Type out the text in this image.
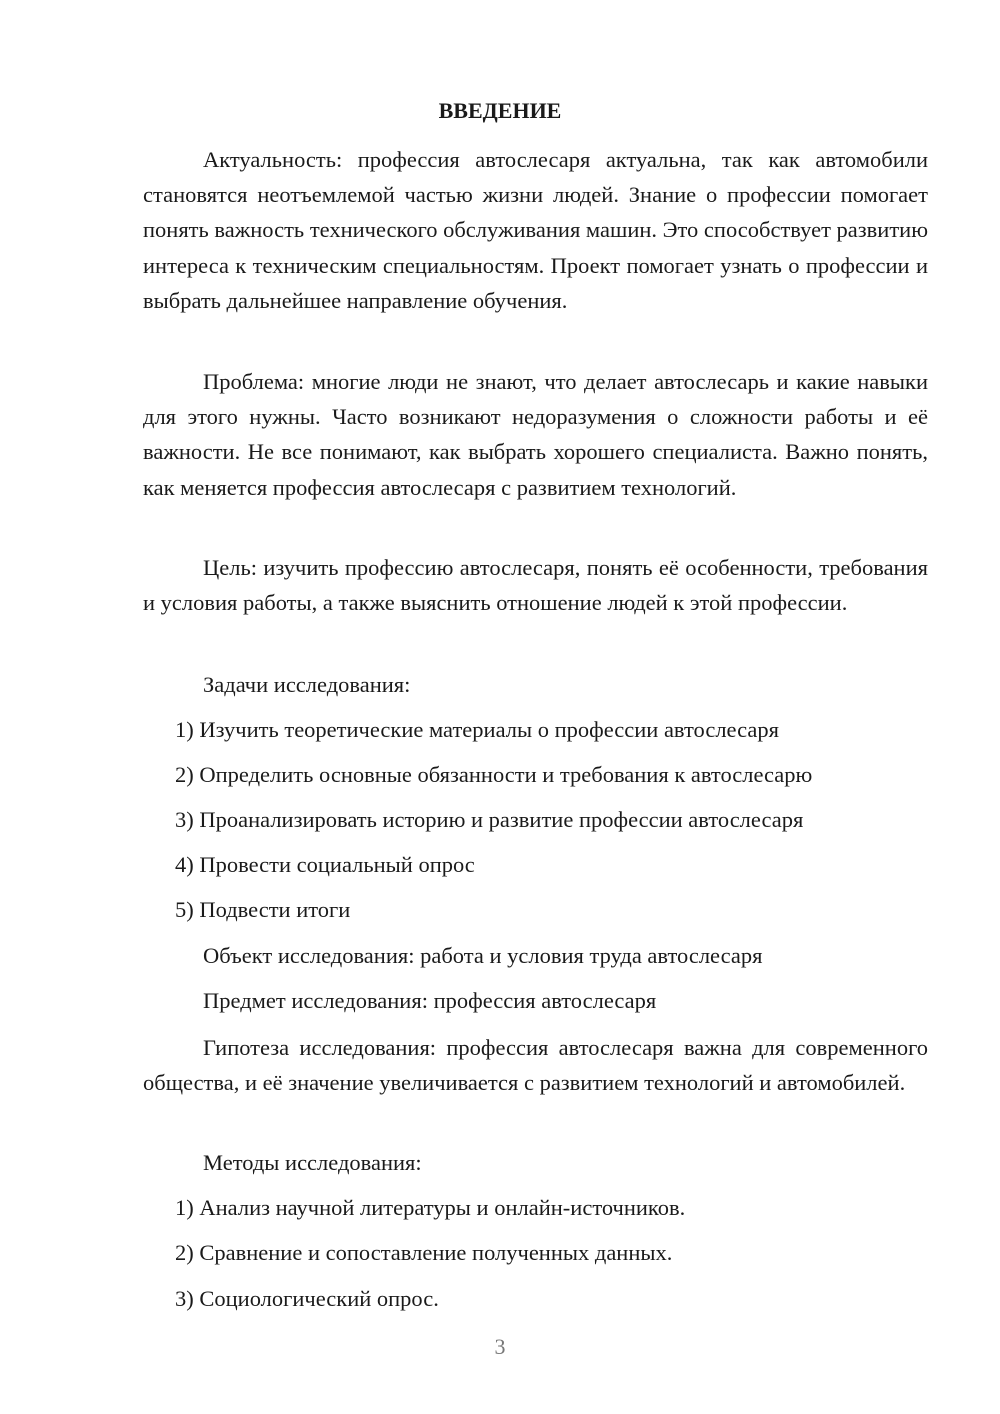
ВВЕДЕНИЕ

Актуальность: профессия автослесаря актуальна, так как автомобили становятся неотъемлемой частью жизни людей. Знание о профессии помогает понять важность технического обслуживания машин. Это способствует развитию интереса к техническим специальностям. Проект помогает узнать о профессии и выбрать дальнейшее направление обучения.

Проблема: многие люди не знают, что делает автослесарь и какие навыки для этого нужны. Часто возникают недоразумения о сложности работы и её важности. Не все понимают, как выбрать хорошего специалиста. Важно понять, как меняется профессия автослесаря с развитием технологий.

Цель: изучить профессию автослесаря, понять её особенности, требования и условия работы, а также выяснить отношение людей к этой профессии.

Задачи исследования:
1) Изучить теоретические материалы о профессии автослесаря
2) Определить основные обязанности и требования к автослесарю
3) Проанализировать историю и развитие профессии автослесаря
4) Провести социальный опрос
5) Подвести итоги
Объект исследования: работа и условия труда автослесаря
Предмет исследования: профессия автослесаря

Гипотеза исследования: профессия автослесаря важна для современного общества, и её значение увеличивается с развитием технологий и автомобилей.

Методы исследования:
1) Анализ научной литературы и онлайн-источников.
2) Сравнение и сопоставление полученных данных.
3) Социологический опрос.
3
